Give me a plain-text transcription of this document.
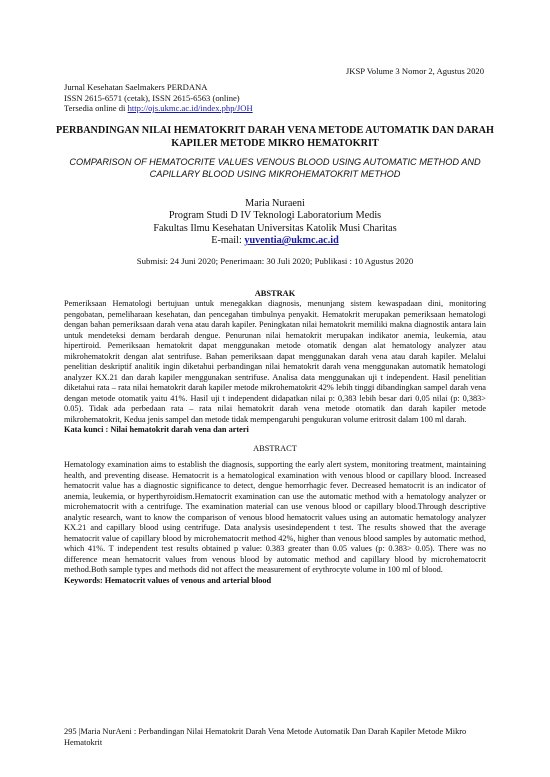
JKSP Volume 3 Nomor 2, Agustus 2020
Jurnal Kesehatan Saelmakers PERDANA
ISSN 2615-6571 (cetak), ISSN 2615-6563 (online)
Tersedia online di http://ojs.ukmc.ac.id/index.php/JOH
PERBANDINGAN NILAI HEMATOKRIT DARAH VENA METODE AUTOMATIK DAN DARAH KAPILER METODE MIKRO HEMATOKRIT
COMPARISON OF HEMATOCRITE VALUES VENOUS BLOOD USING AUTOMATIC METHOD AND CAPILLARY BLOOD USING MIKROHEMATOKRIT METHOD
Maria Nuraeni
Program Studi D IV Teknologi Laboratorium Medis
Fakultas Ilmu Kesehatan Universitas Katolik Musi Charitas
E-mail: yuventia@ukmc.ac.id
Submisi: 24 Juni 2020; Penerimaan: 30 Juli 2020; Publikasi : 10 Agustus 2020
ABSTRAK

Pemeriksaan Hematologi bertujuan untuk menegakkan diagnosis, menunjang sistem kewaspadaan dini, monitoring pengobatan, pemeliharaan kesehatan, dan pencegahan timbulnya penyakit. Hematokrit merupakan pemeriksaan hematologi dengan bahan pemeriksaan darah vena atau darah kapiler. Peningkatan nilai hematokrit memiliki makna diagnostik antara lain untuk mendeteksi demam berdarah dengue. Penurunan nilai hematokrit merupakan indikator anemia, leukemia, atau hipertiroid. Pemeriksaan hematokrit dapat menggunakan metode otomatik dengan alat hematology analyzer atau mikrohematokrit dengan alat sentrifuse. Bahan pemeriksaan dapat menggunakan darah vena atau darah kapiler. Melalui penelitian deskriptif analitik ingin diketahui perbandingan nilai hematokrit darah vena menggunakan automatik hematologi analyzer KX.21 dan darah kapiler menggunakan sentrifuse. Analisa data menggunakan uji t independent. Hasil penelitian diketahui rata – rata nilai hematokrit darah kapiler metode mikrohematokrit 42% lebih tinggi dibandingkan sampel darah vena dengan metode otomatik yaitu 41%. Hasil uji t independent didapatkan nilai p: 0,383 lebih besar dari 0,05 nilai (p: 0,383> 0.05). Tidak ada perbedaan rata – rata nilai hematokrit darah vena metode otomatik dan darah kapiler metode mikrohematokrit, Kedua jenis sampel dan metode tidak mempengaruhi pengukuran volume eritrosit dalam 100 ml darah.

Kata kunci : Nilai hematokrit darah vena dan arteri

ABSTRACT

Hematology examination aims to establish the diagnosis, supporting the early alert system, monitoring treatment, maintaining health, and preventing disease. Hematocrit is a hematological examination with venous blood or capillary blood. Increased hematocrit value has a diagnostic significance to detect, dengue hemorrhagic fever. Decreased hematocrit is an indicator of anemia, leukemia, or hyperthyroidism.Hematocrit examination can use the automatic method with a hematology analyzer or microhematocrit with a centrifuge. The examination material can use venous blood or capillary blood.Through descriptive analytic research, want to know the comparison of venous blood hematocrit values using an automatic hematology analyzer KX.21 and capillary blood using centrifuge. Data analysis usesindependent t test. The results showed that the average hematocrit value of capillary blood by microhematocrit method 42%, higher than venous blood samples by automatic method, which 41%. T independent test results obtained p value: 0.383 greater than 0.05 values (p: 0.383> 0.05). There was no difference mean hematocrit values from venous blood by automatic method and capillary blood by microhematocrit method.Both sample types and methods did not affect the measurement of erythrocyte volume in 100 ml of blood.

Keywords: Hematocrit values of venous and arterial blood

295 |Maria NurAeni : Perbandingan Nilai Hematokrit Darah Vena Metode Automatik Dan Darah Kapiler Metode Mikro Hematokrit
